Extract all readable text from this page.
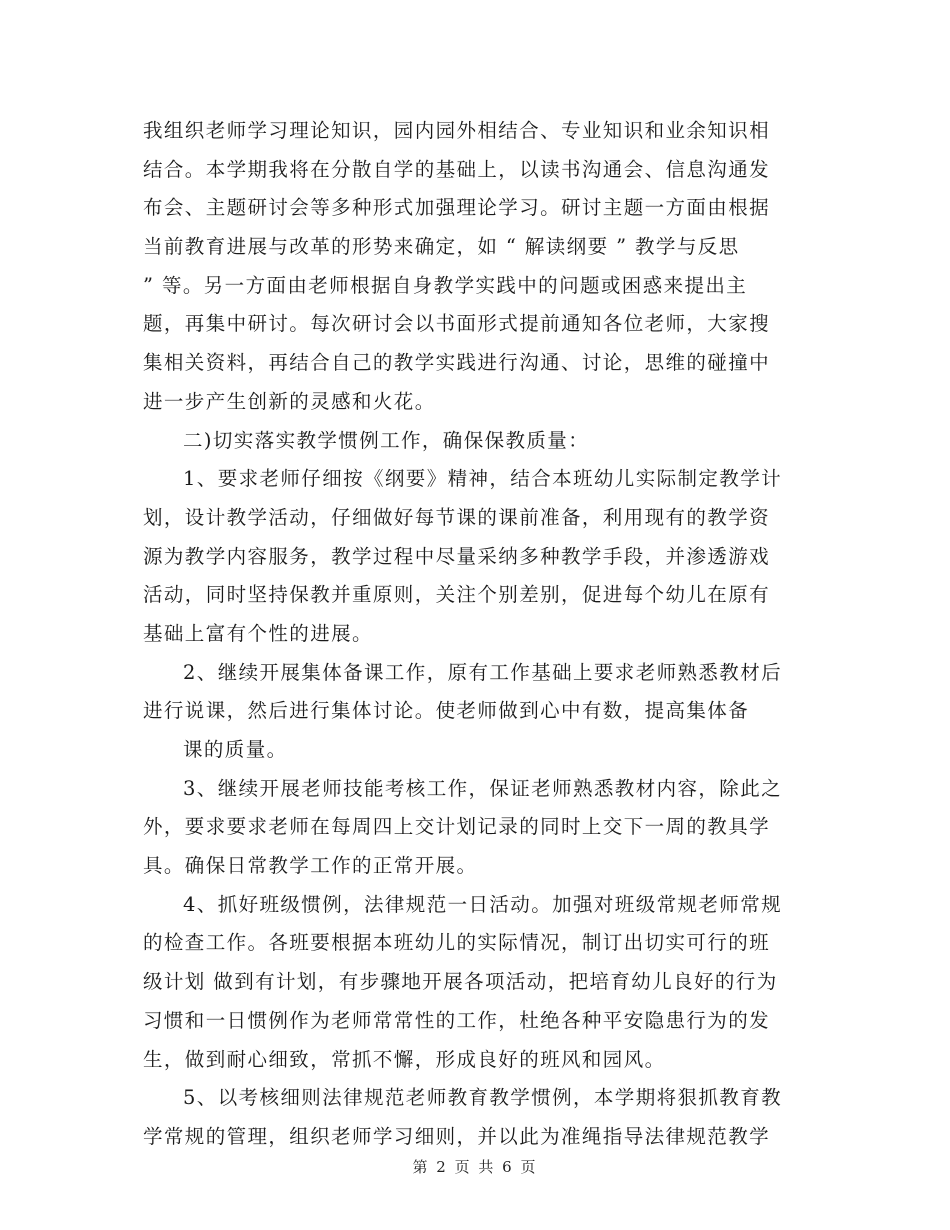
我组织老师学习理论知识，园内园外相结合、专业知识和业余知识相
结合。本学期我将在分散自学的基础上，以读书沟通会、信息沟通发
布会、主题研讨会等多种形式加强理论学习。研讨主题一方面由根据
当前教育进展与改革的形势来确定，如 “ 解读纲要 ” 教学与反思
” 等。另一方面由老师根据自身教学实践中的问题或困惑来提出主
题，再集中研讨。每次研讨会以书面形式提前通知各位老师，大家搜
集相关资料，再结合自己的教学实践进行沟通、讨论，思维的碰撞中
进一步产生创新的灵感和火花。
二)切实落实教学惯例工作，确保保教质量：
1、要求老师仔细按《纲要》精神，结合本班幼儿实际制定教学计
划，设计教学活动，仔细做好每节课的课前准备，利用现有的教学资
源为教学内容服务，教学过程中尽量采纳多种教学手段，并渗透游戏
活动，同时坚持保教并重原则，关注个别差别，促进每个幼儿在原有
基础上富有个性的进展。
2、继续开展集体备课工作，原有工作基础上要求老师熟悉教材后
进行说课，然后进行集体讨论。使老师做到心中有数，提高集体备
课的质量。
3、继续开展老师技能考核工作，保证老师熟悉教材内容，除此之
外，要求要求老师在每周四上交计划记录的同时上交下一周的教具学
具。确保日常教学工作的正常开展。
4、抓好班级惯例，法律规范一日活动。加强对班级常规老师常规
的检查工作。各班要根据本班幼儿的实际情况，制订出切实可行的班
级计划 做到有计划，有步骤地开展各项活动，把培育幼儿良好的行为
习惯和一日惯例作为老师常常性的工作，杜绝各种平安隐患行为的发
生，做到耐心细致，常抓不懈，形成良好的班风和园风。
5、以考核细则法律规范老师教育教学惯例，本学期将狠抓教育教
学常规的管理，组织老师学习细则，并以此为准绳指导法律规范教学
第 2 页 共 6 页
